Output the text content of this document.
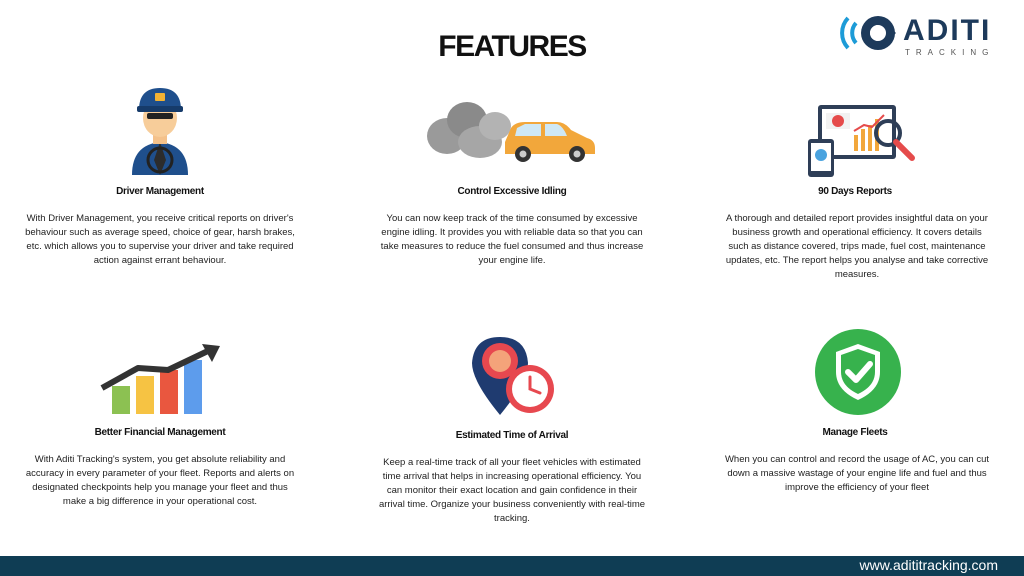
FEATURES	ADITI
TRACKING
Driver Management
With Driver Management, you receive critical reports on driver's behaviour such as average speed, choice of gear, harsh brakes, etc. which allows you to supervise your driver and take required action against errant behaviour.
Control Excessive Idling
You can now keep track of the time consumed by excessive engine idling. It provides you with reliable data so that you can take measures to reduce the fuel consumed and thus increase your engine life.
90 Days Reports
A thorough and detailed report provides insightful data on your business growth and operational efficiency. It covers details such as distance covered, trips made, fuel cost, maintenance updates, etc. The report helps you analyse and take corrective measures.
Better Financial Management
With Aditi Tracking's system, you get absolute reliability and accuracy in every parameter of your fleet. Reports and alerts on designated checkpoints help you manage your fleet and thus make a big difference in your operational cost.
Estimated Time of Arrival
Keep a real-time track of all your fleet vehicles with estimated time arrival that helps in increasing operational efficiency. You can monitor their exact location and gain confidence in their arrival time. Organize your business conveniently with real-time tracking.
Manage Fleets
When you can control and record the usage of AC, you can cut down a massive wastage of your engine life and fuel and thus improve the efficiency of your fleet
www.adititracking.com
